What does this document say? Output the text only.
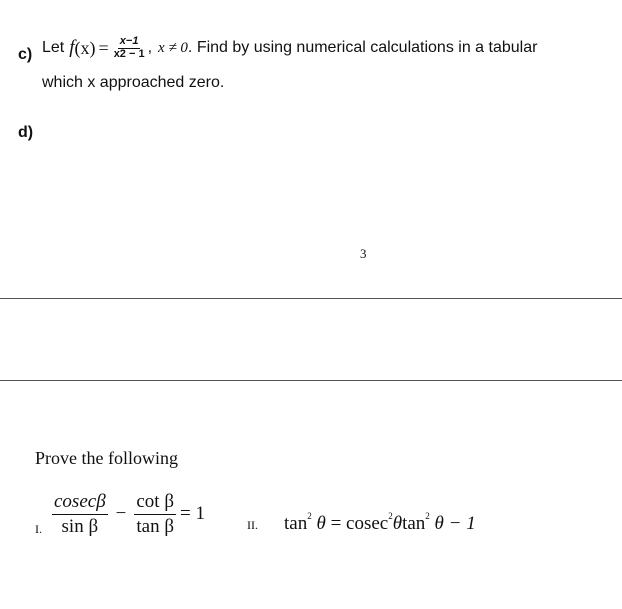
c) Let f $(x) = \frac{x-1}{x2 - 1}$ , x ≠ 0 . Find by using numerical calculations in a tabular
which x approached zero.
d)
3
Prove the following
I. $\frac{cosec\beta}{\text{sin β}} - \frac{\text{cot β}}{\text{tan β}} = 1$
II. $\tan^2 \theta = cosec^2\theta\tan^2$ θ − 1
